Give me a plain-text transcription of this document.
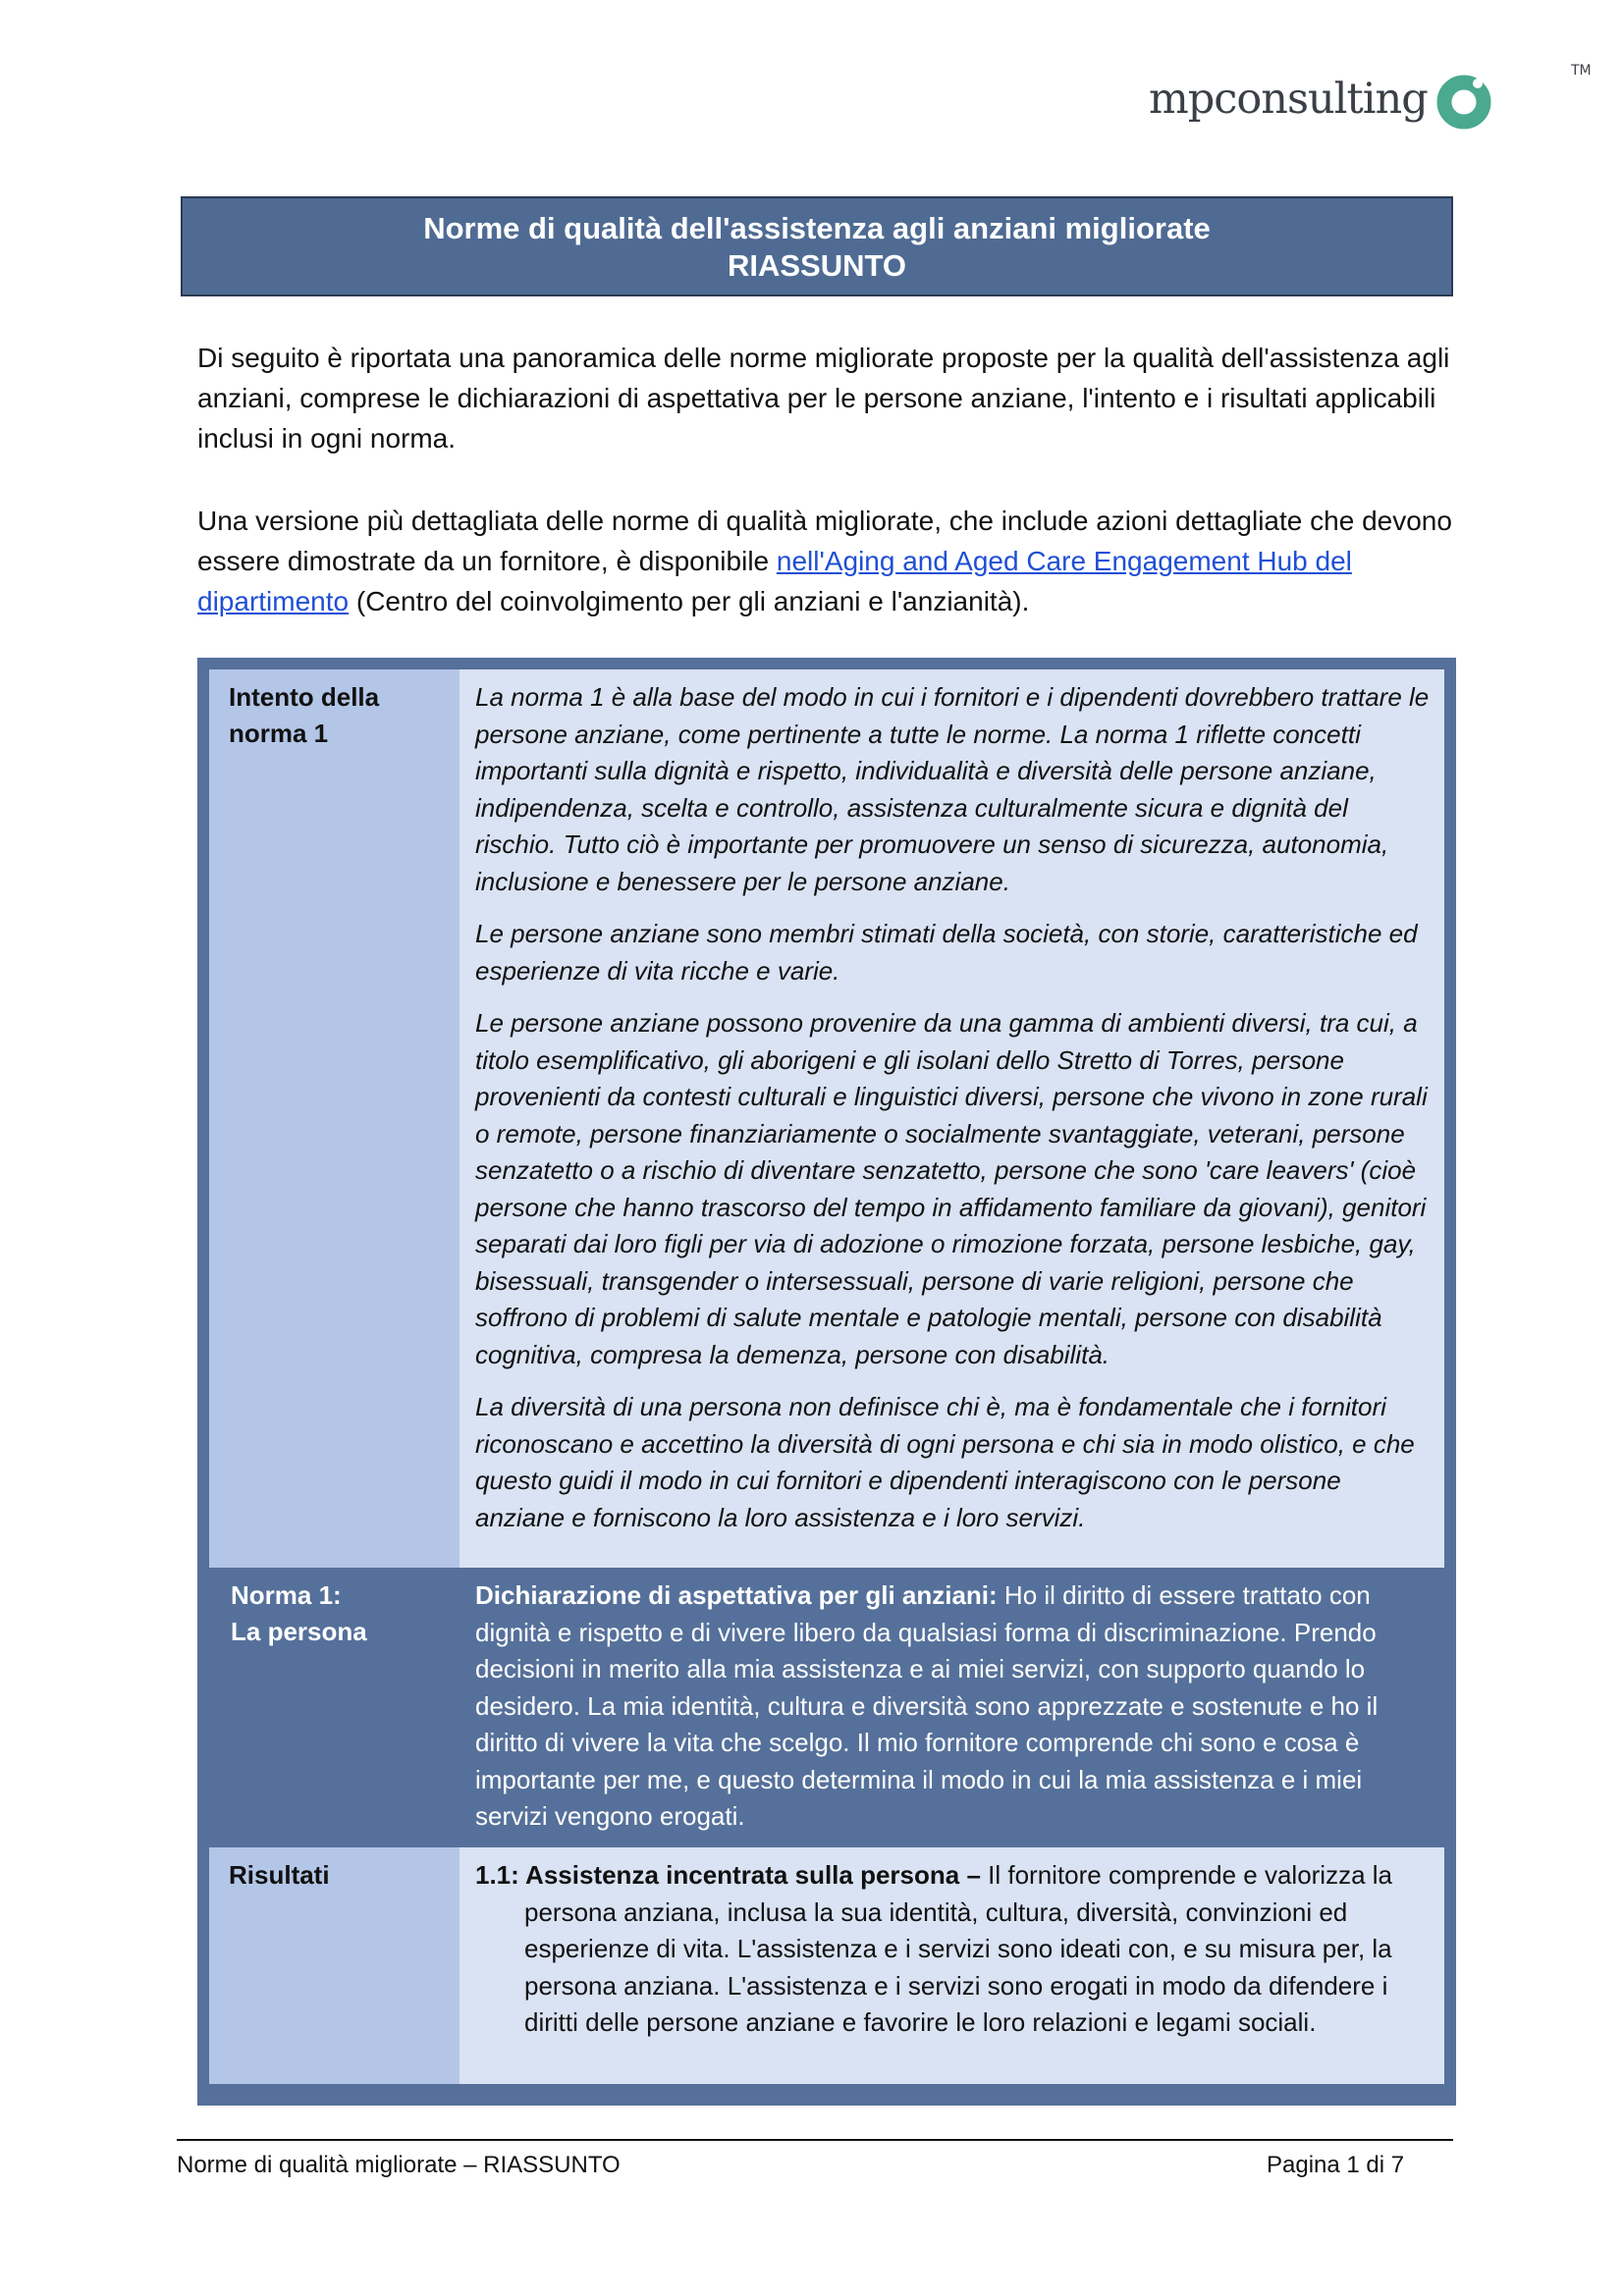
mpconsulting
TM
Norme di qualità dell'assistenza agli anziani migliorate
RIASSUNTO

Di seguito è riportata una panoramica delle norme migliorate proposte per la qualità dell'assistenza agli anziani, comprese le dichiarazioni di aspettativa per le persone anziane, l'intento e i risultati applicabili inclusi in ogni norma.

Una versione più dettagliata delle norme di qualità migliorate, che include azioni dettagliate che devono essere dimostrate da un fornitore, è disponibile nell'Aging and Aged Care Engagement Hub del dipartimento (Centro del coinvolgimento per gli anziani e l'anzianità).

Intento della norma 1

La norma 1 è alla base del modo in cui i fornitori e i dipendenti dovrebbero trattare le persone anziane, come pertinente a tutte le norme. La norma 1 riflette concetti importanti sulla dignità e rispetto, individualità e diversità delle persone anziane, indipendenza, scelta e controllo, assistenza culturalmente sicura e dignità del rischio. Tutto ciò è importante per promuovere un senso di sicurezza, autonomia, inclusione e benessere per le persone anziane.

Le persone anziane sono membri stimati della società, con storie, caratteristiche ed esperienze di vita ricche e varie.

Le persone anziane possono provenire da una gamma di ambienti diversi, tra cui, a titolo esemplificativo, gli aborigeni e gli isolani dello Stretto di Torres, persone provenienti da contesti culturali e linguistici diversi, persone che vivono in zone rurali o remote, persone finanziariamente o socialmente svantaggiate, veterani, persone senzatetto o a rischio di diventare senzatetto, persone che sono 'care leavers' (cioè persone che hanno trascorso del tempo in affidamento familiare da giovani), genitori separati dai loro figli per via di adozione o rimozione forzata, persone lesbiche, gay, bisessuali, transgender o intersessuali, persone di varie religioni, persone che soffrono di problemi di salute mentale e patologie mentali, persone con disabilità cognitiva, compresa la demenza, persone con disabilità.

La diversità di una persona non definisce chi è, ma è fondamentale che i fornitori riconoscano e accettino la diversità di ogni persona e chi sia in modo olistico, e che questo guidi il modo in cui fornitori e dipendenti interagiscono con le persone anziane e forniscono la loro assistenza e i loro servizi.

Norma 1:
La persona
Dichiarazione di aspettativa per gli anziani: Ho il diritto di essere trattato con dignità e rispetto e di vivere libero da qualsiasi forma di discriminazione. Prendo decisioni in merito alla mia assistenza e ai miei servizi, con supporto quando lo desidero. La mia identità, cultura e diversità sono apprezzate e sostenute e ho il diritto di vivere la vita che scelgo. Il mio fornitore comprende chi sono e cosa è importante per me, e questo determina il modo in cui la mia assistenza e i miei servizi vengono erogati.
Risultati	1.1: Assistenza incentrata sulla persona – Il fornitore comprende e valorizza la persona anziana, inclusa la sua identità, cultura, diversità, convinzioni ed esperienze di vita. L'assistenza e i servizi sono ideati con, e su misura per, la persona anziana. L'assistenza e i servizi sono erogati in modo da difendere i diritti delle persone anziane e favorire le loro relazioni e legami sociali.
Norme di qualità migliorate – RIASSUNTO	Pagina 1 di 7
